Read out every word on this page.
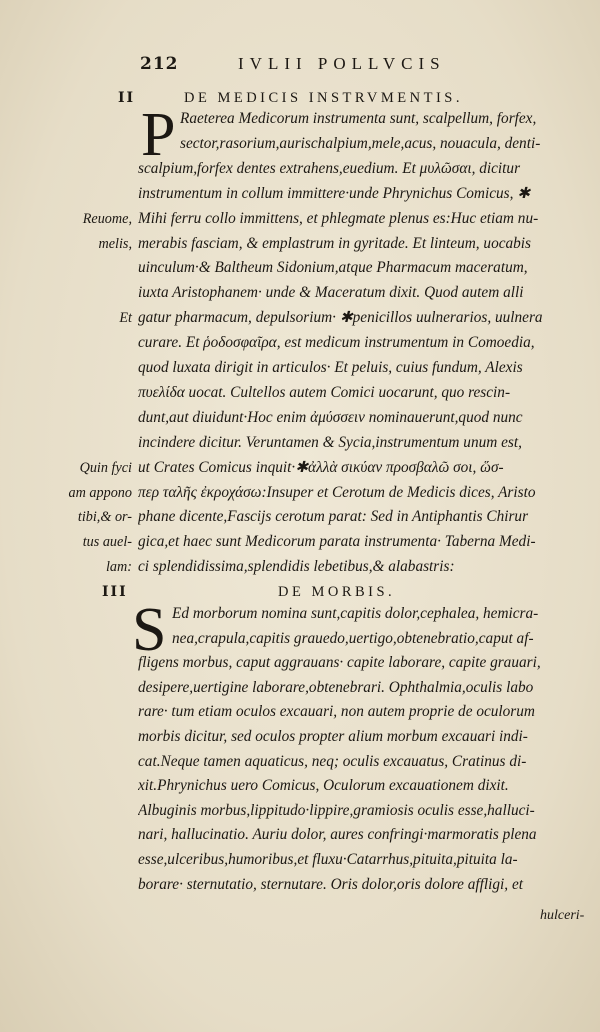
212	IVLII POLLVCIS
II	DE MEDICIS INSTRVMENTIS.
P Raeterea Medicorum instrumenta sunt, scalpellum, forfex,
sector,rasorium,aurischalpium,mele,acus, nouacula, denti-
scalpium,forfex dentes extrahens,euedium. Et μυλῶσαι, dicitur
instrumentum in collum immittere·unde Phrynichus Comicus, ✱
Mihi ferru collo immittens, et phlegmate plenus es:Huc etiam nu-
merabis fasciam, & emplastrum in gyritade. Et linteum, uocabis
uinculum·& Baltheum Sidonium,atque Pharmacum maceratum,
iuxta Aristophanem· unde & Maceratum dixit. Quod autem alli
gatur pharmacum, depulsorium· ✱penicillos uulnerarios, uulnera
curare. Et ῥοδοσφαῖρα, est medicum instrumentum in Comoedia,
quod luxata dirigit in articulos· Et peluis, cuius fundum, Alexis
πυελίδα uocat. Cultellos autem Comici uocarunt, quo rescin-
dunt,aut diuidunt·Hoc enim ἀμύσσειν nominauerunt,quod nunc
incindere dicitur. Veruntamen & Sycia,instrumentum unum est,
ut Crates Comicus inquit·✱ἀλλὰ σικύαν προσβαλῶ σοι, ὥσ-
περ ταλῆς ἐκροχάσω:Insuper et Cerotum de Medicis dices, Aristo
phane dicente,Fascijs cerotum parat: Sed in Antiphantis Chirur
gica,et haec sunt Medicorum parata instrumenta· Taberna Medi-
ci splendidissima,splendidis lebetibus,& alabastris:
III	DE MORBIS.
S Ed morborum nomina sunt,capitis dolor,cephalea, hemicra-
nea,crapula,capitis grauedo,uertigo,obtenebratio,caput af-
fligens morbus, caput aggrauans· capite laborare, capite grauari,
desipere,uertigine laborare,obtenebrari. Ophthalmia,oculis labo
rare· tum etiam oculos excauari, non autem proprie de oculorum
morbis dicitur, sed oculos propter alium morbum excauari indi-
cat.Neque tamen aquaticus, neq; oculis excauatus, Cratinus di-
xit.Phrynichus uero Comicus, Oculorum excauationem dixit.
Albuginis morbus,lippitudo·lippire,gramiosis oculis esse,halluci-
nari, hallucinatio. Auriu dolor, aures confringi·marmoratis plena
esse,ulceribus,humoribus,et fluxu·Catarrhus,pituita,pituita la-
borare· sternutatio, sternutare. Oris dolor,oris dolore affligi, et
Reuome,
melis,
Et
Quin fyci
am appono
tibi,& or-
tus auel-
lam:
hulceri-
